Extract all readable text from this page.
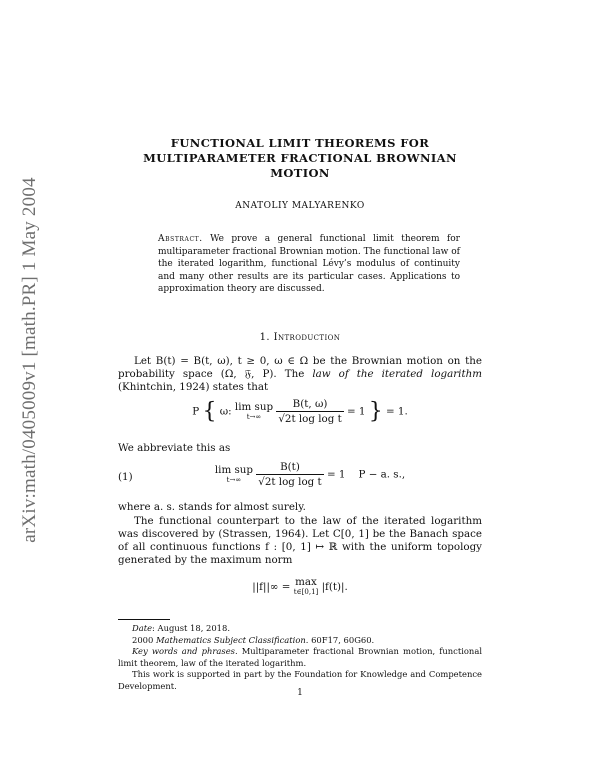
arXiv:math/0405009v1 [math.PR] 1 May 2004
FUNCTIONAL LIMIT THEOREMS FOR
MULTIPARAMETER FRACTIONAL BROWNIAN
MOTION
ANATOLIY MALYARENKO
Abstract. We prove a general functional limit theorem for multiparameter fractional Brownian motion. The functional law of the iterated logarithm, functional Lévy’s modulus of continuity and many other results are its particular cases. Applications to approximation theory are discussed.
1. Introduction
Let B(t) = B(t, ω), t ≥ 0, ω ∈ Ω be the Brownian motion on the probability space (Ω, 𝔉, P). The law of the iterated logarithm (Khintchin, 1924) states that
P { ω: lim sup
t→∞
	$\frac{B(t, \omega)}{\text{√2t log log t}} = 1$ } = 1.
We abbreviate this as
(1)
lim sup
t→∞
	$\frac{B(t)}{\text{√2t log log t}} = 1$    P − a. s.,
where a. s. stands for almost surely.
The functional counterpart to the law of the iterated logarithm was discovered by (Strassen, 1964). Let C[0, 1] be the Banach space of all continuous functions f : [0, 1] ↦ ℝ with the uniform topology generated by the maximum norm
||f||∞ = max
t∈[0,1] |f(t)|.
Date: August 18, 2018.
2000 Mathematics Subject Classification. 60F17, 60G60.
Key words and phrases. Multiparameter fractional Brownian motion, functional limit theorem, law of the iterated logarithm.
This work is supported in part by the Foundation for Knowledge and Competence Development.
1
